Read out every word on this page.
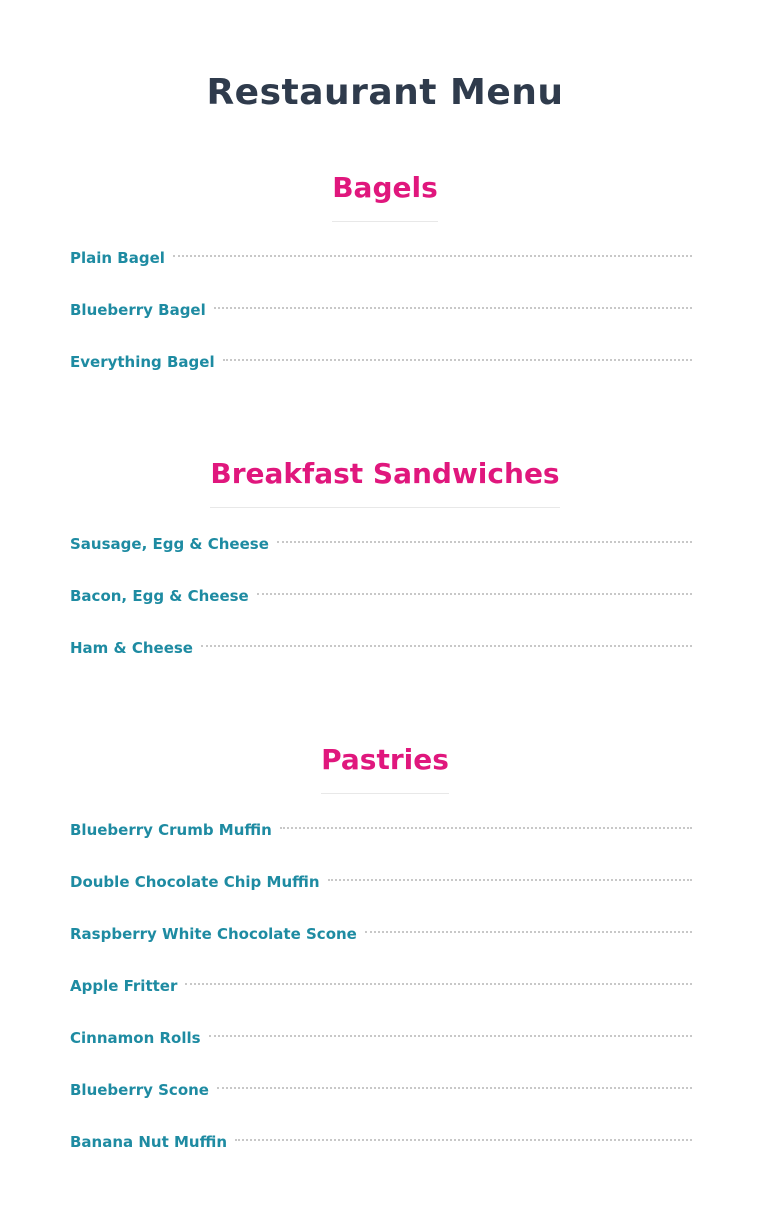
Restaurant Menu
Bagels
Plain Bagel
Blueberry Bagel
Everything Bagel
Breakfast Sandwiches
Sausage, Egg & Cheese
Bacon, Egg & Cheese
Ham & Cheese
Pastries
Blueberry Crumb Muffin
Double Chocolate Chip Muffin
Raspberry White Chocolate Scone
Apple Fritter
Cinnamon Rolls
Blueberry Scone
Banana Nut Muffin
